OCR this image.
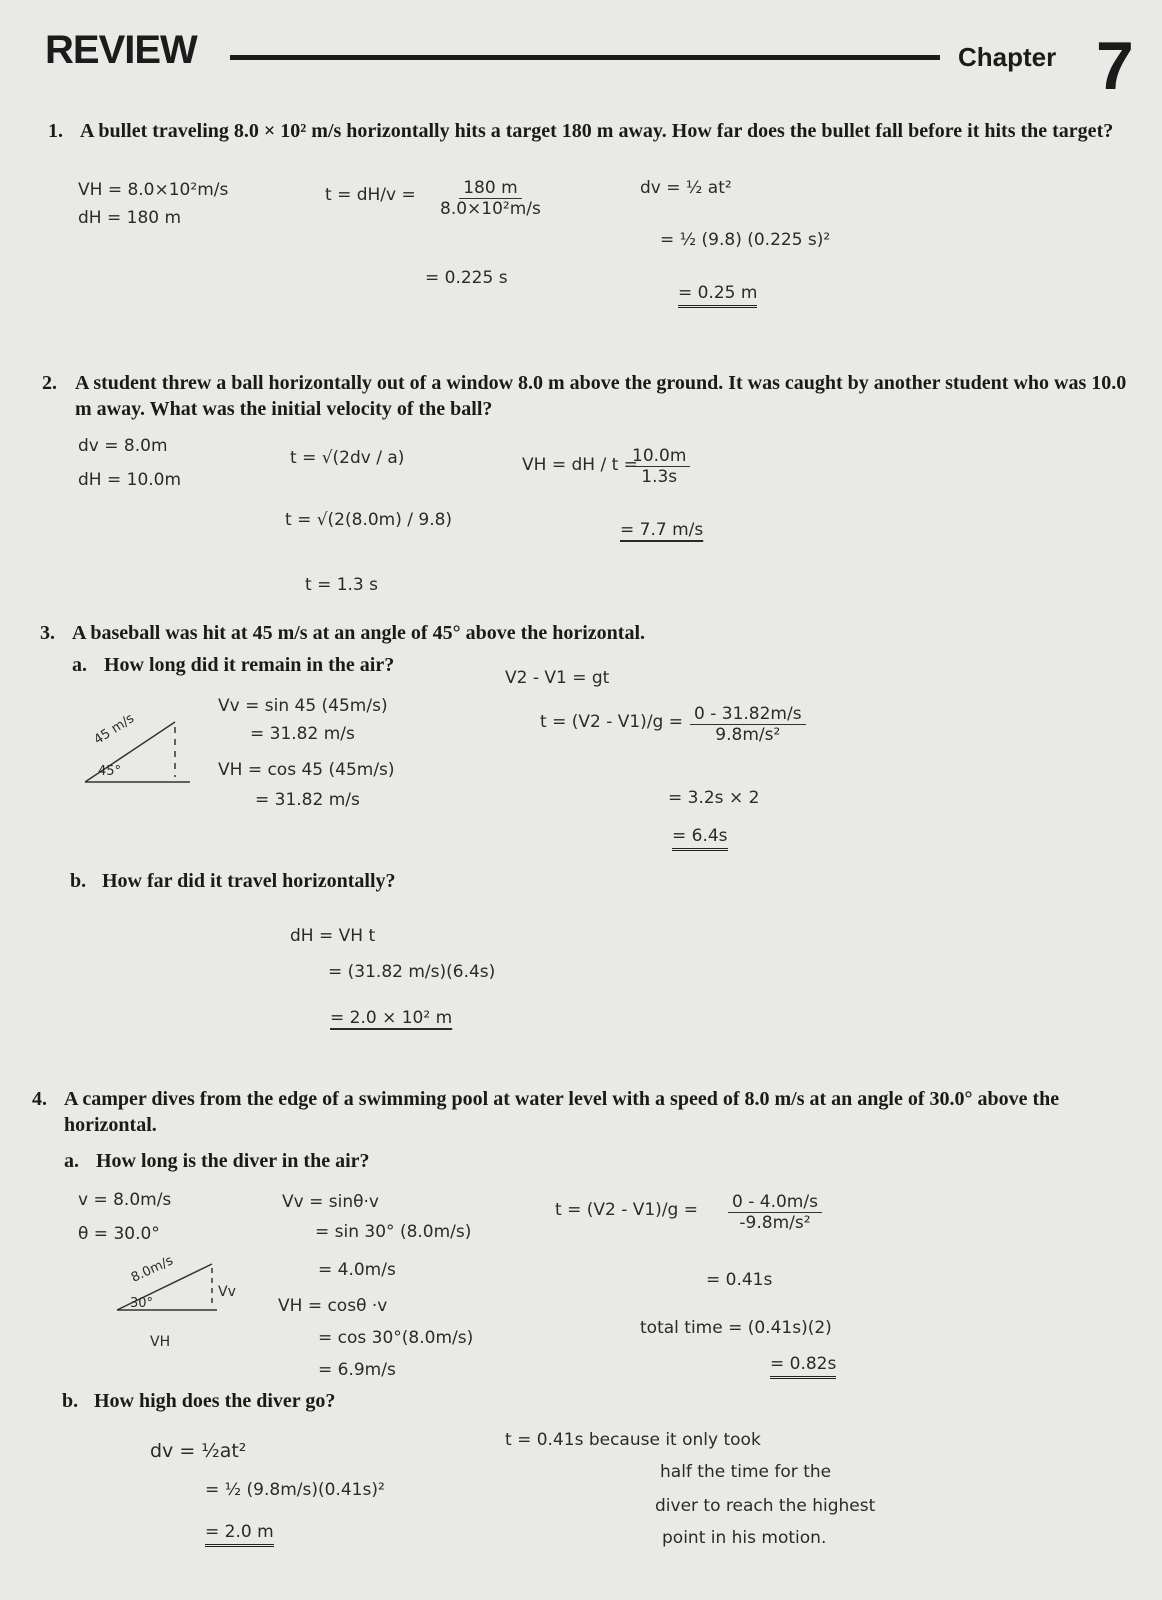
REVIEW	Chapter 7
1. A bullet traveling 8.0 × 10² m/s horizontally hits a target 180 m away. How far does the bullet fall before it hits the target?
VH = 8.0×10²m/s
dH = 180 m
$t = dH/v = \frac{180 m}{\text{8.0×10²m/s}}$
= 0.225 s
dv = ½ at²
= ½ (9.8) (0.225 s)²
= 0.25 m
2. A student threw a ball horizontally out of a window 8.0 m above the ground. It was caught by another student who was 10.0 m away. What was the initial velocity of the ball?
dv = 8.0m
dH = 10.0m
t = √(2dv / a)
t = √(2(8.0m) / 9.8)
t = 1.3 s
VH = dH / t =
$\frac{10.0m}{1.3s}$
= 7.7 m/s
3. A baseball was hit at 45 m/s at an angle of 45° above the horizontal.
a. How long did it remain in the air?
45 m/s
45°
Vv = sin 45 (45m/s)
= 31.82 m/s
VH = cos 45 (45m/s)
= 31.82 m/s
V2 - V1 = gt
$t = (V2 - V1)/g = \frac{0 - 31.82m/s}{\text{9.8m/s²}}$
= 3.2s × 2
= 6.4s
b. How far did it travel horizontally?
dH = VH t
= (31.82 m/s)(6.4s)
= 2.0 × 10² m
4. A camper dives from the edge of a swimming pool at water level with a speed of 8.0 m/s at an angle of 30.0° above the horizontal.
a. How long is the diver in the air?
v = 8.0m/s
θ = 30.0°
8.0m/s
30°
Vv
VH
Vv = sinθ·v
= sin 30° (8.0m/s)
= 4.0m/s
VH = cosθ ·v
= cos 30°(8.0m/s)
= 6.9m/s
$t = (V2 - V1)/g = \frac{0 - 4.0m/s}{\text{-9.8m/s²}}$
= 0.41s
total time = (0.41s)(2)
= 0.82s
b. How high does the diver go?
dv = ½at²
= ½ (9.8m/s)(0.41s)²
= 2.0 m
t = 0.41s because it only took
half the time for the
diver to reach the highest
point in his motion.
